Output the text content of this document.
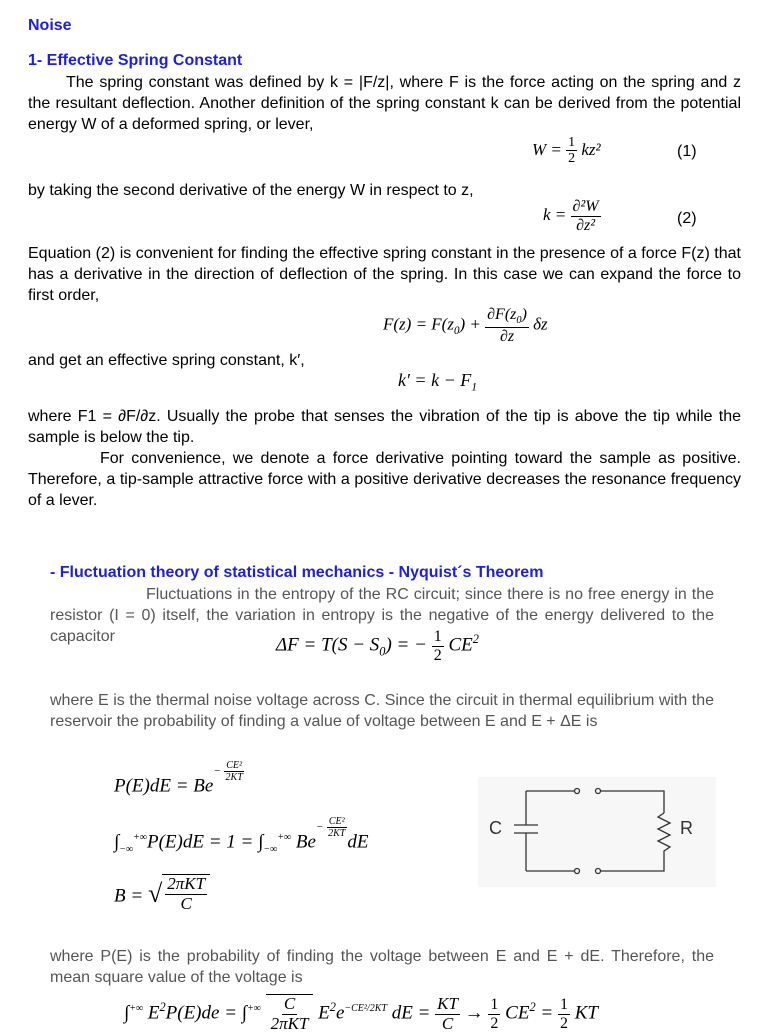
Noise
1- Effective Spring Constant
The spring constant was defined by k = |F/z|, where F is the force acting on the spring and z the resultant deflection. Another definition of the spring constant k can be derived from the potential energy W of a deformed spring, or lever,
$W = \frac{1}{2} kz^2$	(1)
by taking the second derivative of the energy W in respect to z,
$k = \frac{\text{∂²W}}{\text{∂z²}}$	(2)
Equation (2) is convenient for finding the effective spring constant in the presence of a force F(z) that has a derivative in the direction of deflection of the spring. In this case we can expand the force to first order,
$F(z) = F(z_0) + \frac{\partial F(z_0)}{\partial z}$ δz
and get an effective spring constant, k′,
$k' = k - F_1$
where F1 = ∂F/∂z. Usually the probe that senses the vibration of the tip is above the tip while the sample is below the tip.
For convenience, we denote a force derivative pointing toward the sample as positive. Therefore, a tip-sample attractive force with a positive derivative decreases the resonance frequency of a lever.
- Fluctuation theory of statistical mechanics - Nyquist´s Theorem
Fluctuations in the entropy of the RC circuit; since there is no free energy in the resistor (I = 0) itself, the variation in entropy is the negative of the energy delivered to the capacitor	$\Delta F = T(S - S_0)$ = − $\frac{1}{2} CE^2$
where E is the thermal noise voltage across C. Since the circuit in thermal equilibrium with the reservoir the probability of finding a value of voltage between E and E + ΔE is
$P(E)dE = Be^{- \frac{\text{CE²}}{2KT}}$
$\int_{-\infty}^{+\infty}P(E)dE = 1 = \int_{-\infty}^{+\infty}$ $Be^{- \frac{\text{CE²}}{2KT}}$
dE
B = √ $\frac{\text{2πKT}}{C}$
C	R
where P(E) is the probability of finding the voltage between E and E + dE. Therefore, the mean square value of the voltage is
∫+∞ $E^2P(E)de = \int^{+\infty} \frac{C}{\text{2πKT}} E^2e^{-CE^2/2KT}$ dE = $\frac{KT}{C} \to \frac{1}{2} CE^2 = \frac{1}{2}$ KT
